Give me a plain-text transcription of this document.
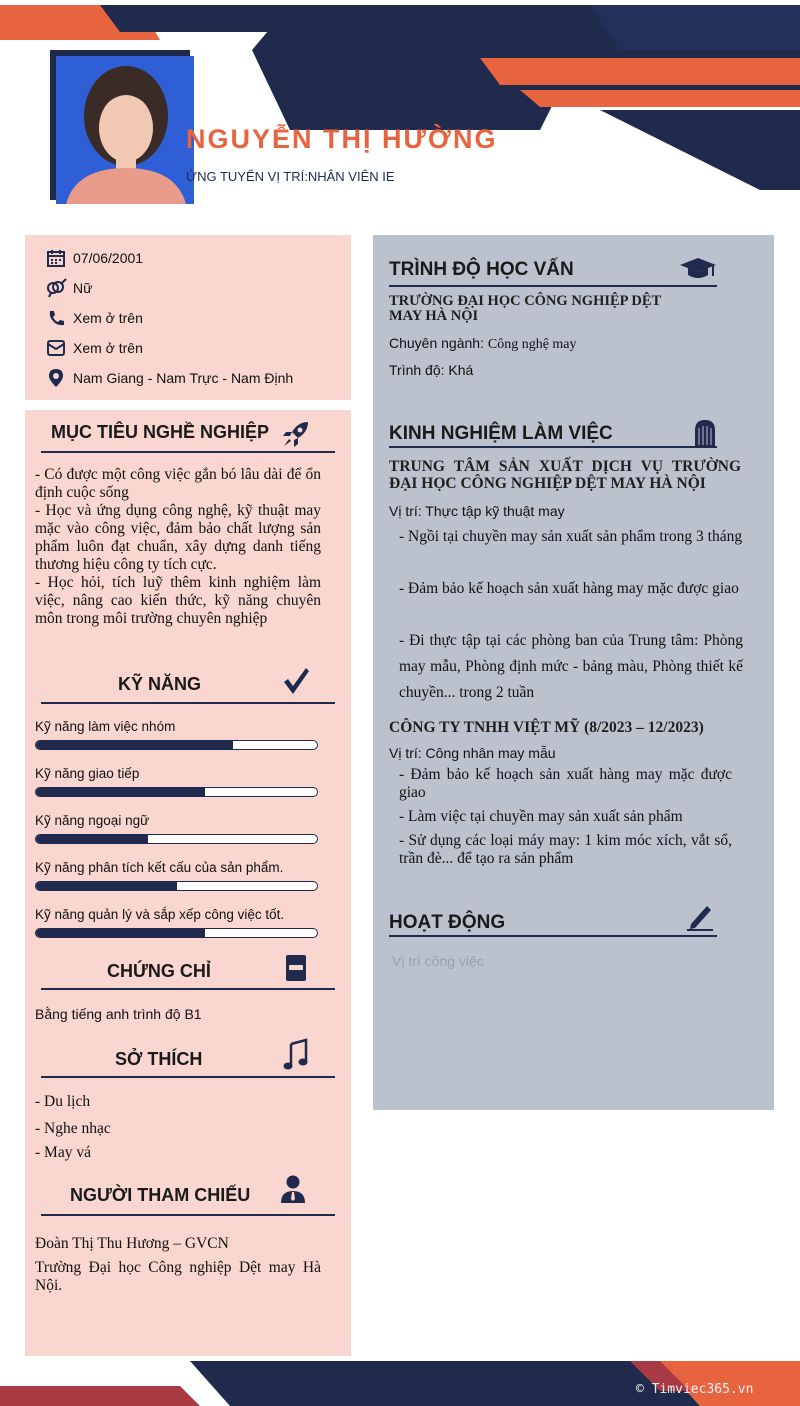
NGUYỄN THỊ HƯỜNG
ỨNG TUYỂN VỊ TRÍ:NHÂN VIÊN IE
07/06/2001
Nữ
Xem ở trên
Xem ở trên
Nam Giang - Nam Trực - Nam Định
MỤC TIÊU NGHỀ NGHIỆP
- Có được một công việc gắn bó lâu dài để ổn định cuộc sống
- Học và ứng dụng công nghệ, kỹ thuật may mặc vào công việc, đảm bảo chất lượng sản phẩm luôn đạt chuẩn, xây dựng danh tiếng thương hiệu công ty tích cực.
- Học hỏi, tích luỹ thêm kinh nghiệm làm việc, nâng cao kiến thức, kỹ năng chuyên môn trong môi trường chuyên nghiệp
KỸ NĂNG
Kỹ năng làm việc nhóm
Kỹ năng giao tiếp
Kỹ năng ngoại ngữ
Kỹ năng phân tích kết cấu của sản phẩm.
Kỹ năng quản lý và sắp xếp công việc tốt.
CHỨNG CHỈ
Bằng tiếng anh trình độ B1
SỞ THÍCH
- Du lịch
- Nghe nhạc
- May vá
NGƯỜI THAM CHIẾU
Đoàn Thị Thu Hương – GVCN
Trường Đại học Công nghiệp Dệt may Hà Nội.
TRÌNH ĐỘ HỌC VẤN
TRƯỜNG ĐẠI HỌC CÔNG NGHIỆP DỆT MAY HÀ NỘI
Chuyên ngành: Công nghệ may
Trình độ: Khá
KINH NGHIỆM LÀM VIỆC
TRUNG TÂM SẢN XUẤT DỊCH VỤ TRƯỜNG ĐẠI HỌC CÔNG NGHIỆP DỆT MAY HÀ NỘI
Vị trí: Thực tập kỹ thuật may
- Ngồi tại chuyền may sản xuất sản phẩm trong 3 tháng
- Đảm bảo kế hoạch sản xuất hàng may mặc được giao
- Đi thực tập tại các phòng ban của Trung tâm: Phòng may mẫu, Phòng định mức - bảng màu, Phòng thiết kế chuyền... trong 2 tuần
CÔNG TY TNHH VIỆT MỸ (8/2023 – 12/2023)
Vị trí: Công nhân may mẫu
- Đảm bảo kế hoạch sản xuất hàng may mặc được giao
- Làm việc tại chuyền may sản xuất sản phẩm
- Sử dụng các loại máy may: 1 kim móc xích, vắt sổ, trần đè... để tạo ra sản phẩm
HOẠT ĐỘNG
Vị trí công việc
© Timviec365.vn
